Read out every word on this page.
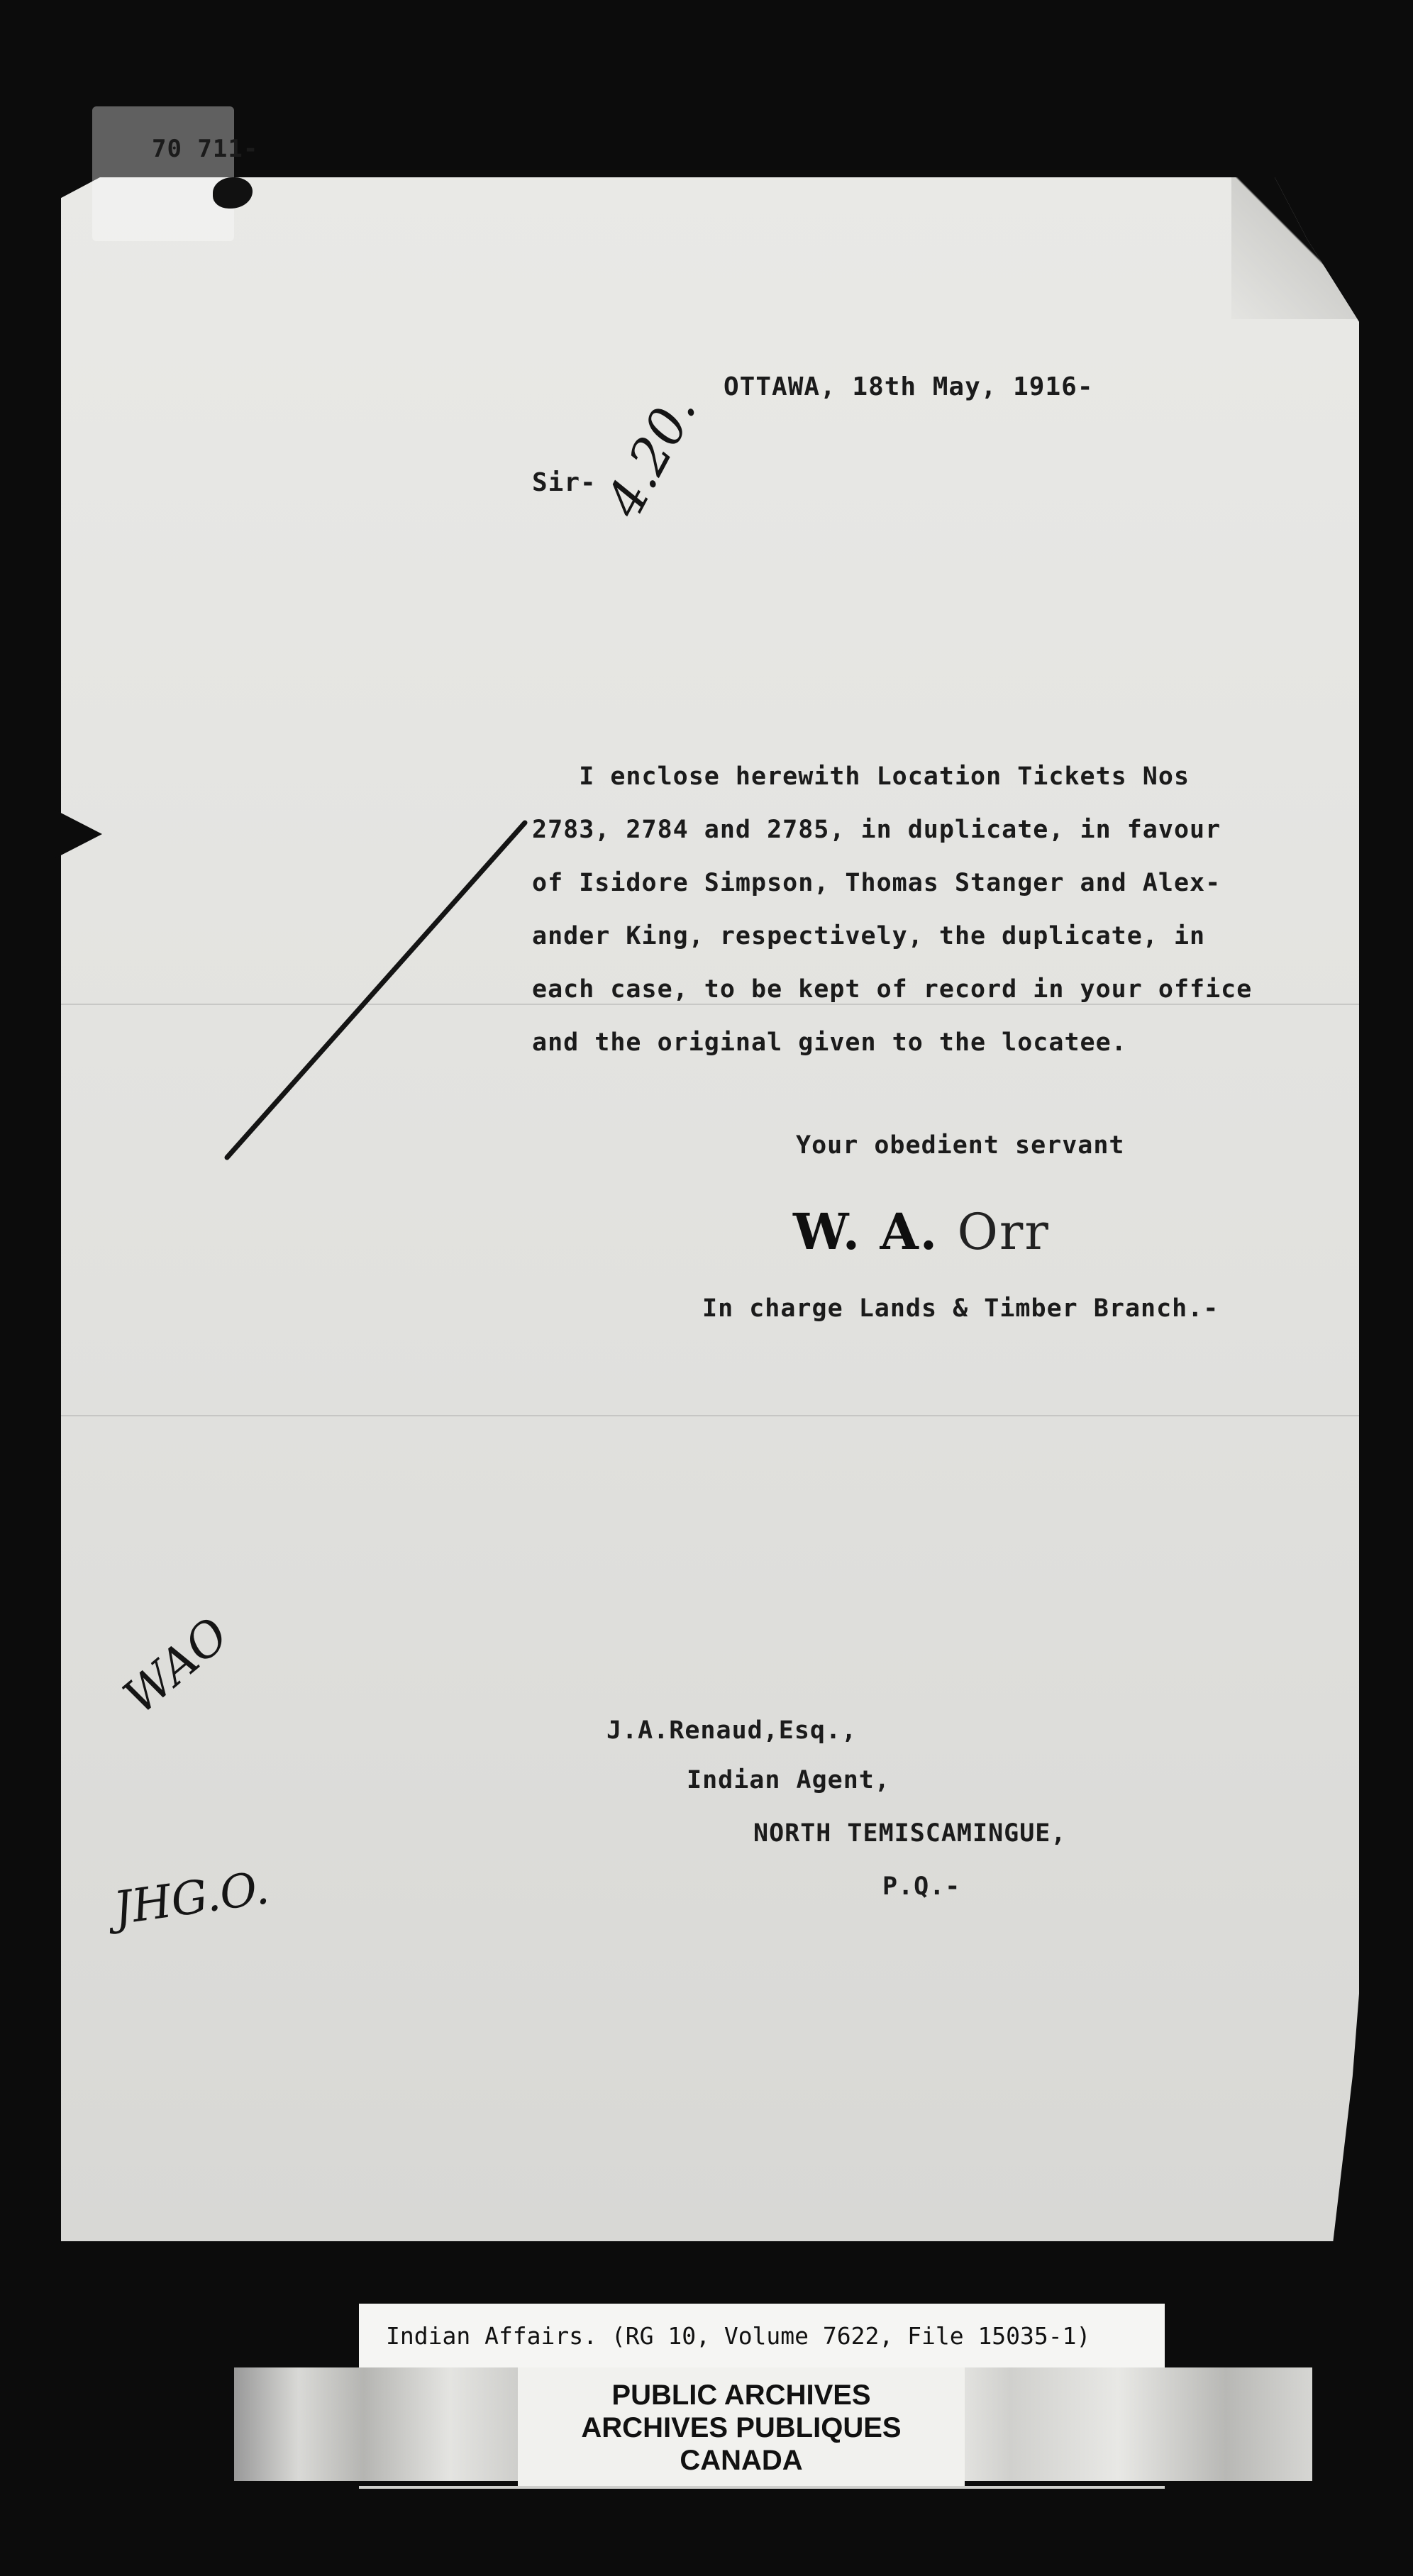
70 711-
4.20. OTTAWA, 18th May, 1916-
Sir-
I enclose herewith Location Tickets Nos
2783, 2784 and 2785, in duplicate, in favour
of Isidore Simpson, Thomas Stanger and Alex-
ander King, respectively, the duplicate, in
each case, to be kept of record in your office
and the original given to the locatee.
Your obedient servant
W. A. Orr
In charge Lands & Timber Branch.-
WAO
J.A.Renaud,Esq.,
Indian Agent,
NORTH TEMISCAMINGUE,
P.Q.-
JHG.O.
Indian Affairs. (RG 10, Volume 7622, File 15035-1)
PUBLIC ARCHIVES
ARCHIVES PUBLIQUES
CANADA
